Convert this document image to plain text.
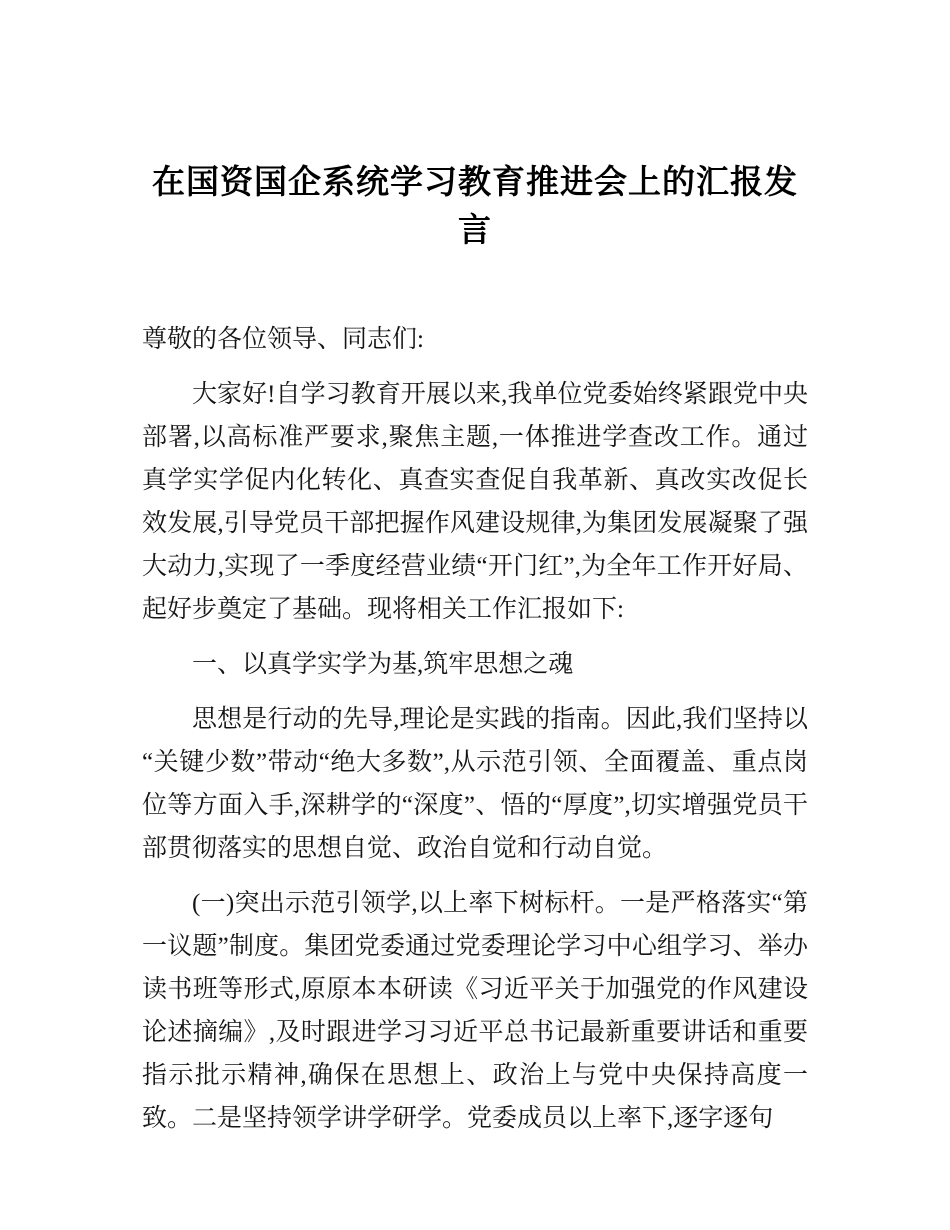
在国资国企系统学习教育推进会上的汇报发言

尊敬的各位领导、同志们:

大家好!自学习教育开展以来,我单位党委始终紧跟党中央部署,以高标准严要求,聚焦主题,一体推进学查改工作。通过真学实学促内化转化、真查实查促自我革新、真改实改促长效发展,引导党员干部把握作风建设规律,为集团发展凝聚了强大动力,实现了一季度经营业绩“开门红”,为全年工作开好局、起好步奠定了基础。现将相关工作汇报如下:

一、以真学实学为基,筑牢思想之魂

思想是行动的先导,理论是实践的指南。因此,我们坚持以“关键少数”带动“绝大多数”,从示范引领、全面覆盖、重点岗位等方面入手,深耕学的“深度”、悟的“厚度”,切实增强党员干部贯彻落实的思想自觉、政治自觉和行动自觉。

(一)突出示范引领学,以上率下树标杆。一是严格落实“第一议题”制度。集团党委通过党委理论学习中心组学习、举办读书班等形式,原原本本研读《习近平关于加强党的作风建设论述摘编》,及时跟进学习习近平总书记最新重要讲话和重要指示批示精神,确保在思想上、政治上与党中央保持高度一致。二是坚持领学讲学研学。党委成员以上率下,逐字逐句
